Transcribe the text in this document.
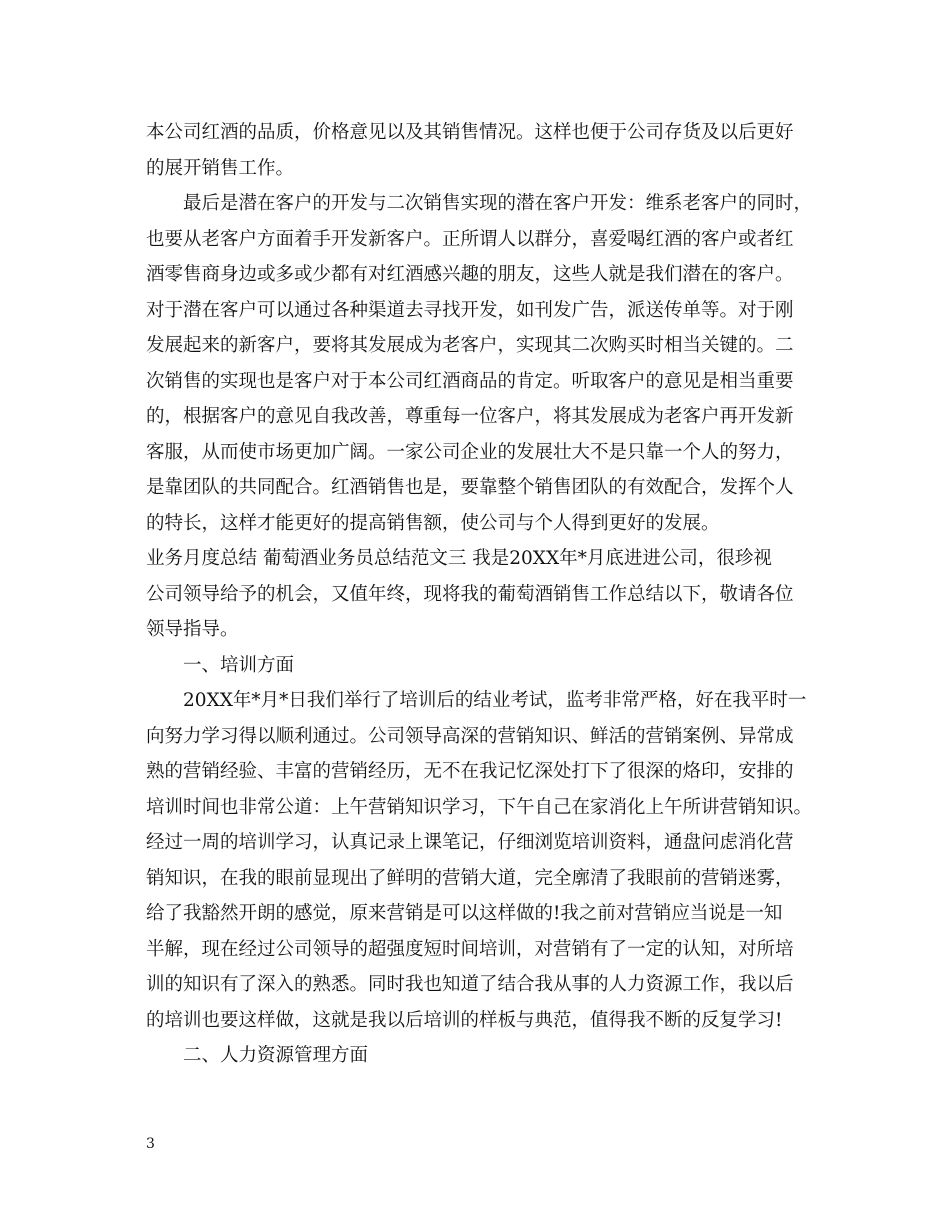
本公司红酒的品质，价格意见以及其销售情况。这样也便于公司存货及以后更好
的展开销售工作。
最后是潜在客户的开发与二次销售实现的潜在客户开发：维系老客户的同时，
也要从老客户方面着手开发新客户。正所谓人以群分，喜爱喝红酒的客户或者红
酒零售商身边或多或少都有对红酒感兴趣的朋友，这些人就是我们潜在的客户。
对于潜在客户可以通过各种渠道去寻找开发，如刊发广告，派送传单等。对于刚
发展起来的新客户，要将其发展成为老客户，实现其二次购买时相当关键的。二
次销售的实现也是客户对于本公司红酒商品的肯定。听取客户的意见是相当重要
的，根据客户的意见自我改善，尊重每一位客户，将其发展成为老客户再开发新
客服，从而使市场更加广阔。一家公司企业的发展壮大不是只靠一个人的努力，
是靠团队的共同配合。红酒销售也是，要靠整个销售团队的有效配合，发挥个人
的特长，这样才能更好的提高销售额，使公司与个人得到更好的发展。
业务月度总结 葡萄酒业务员总结范文三 我是20XX年*月底进进公司，很珍视
公司领导给予的机会，又值年终，现将我的葡萄酒销售工作总结以下，敬请各位
领导指导。
一、培训方面
20XX年*月*日我们举行了培训后的结业考试，监考非常严格，好在我平时一
向努力学习得以顺利通过。公司领导高深的营销知识、鲜活的营销案例、异常成
熟的营销经验、丰富的营销经历，无不在我记忆深处打下了很深的烙印，安排的
培训时间也非常公道：上午营销知识学习，下午自己在家消化上午所讲营销知识。
经过一周的培训学习，认真记录上课笔记，仔细浏览培训资料，通盘问虑消化营
销知识，在我的眼前显现出了鲜明的营销大道，完全廓清了我眼前的营销迷雾，
给了我豁然开朗的感觉，原来营销是可以这样做的!我之前对营销应当说是一知
半解，现在经过公司领导的超强度短时间培训，对营销有了一定的认知，对所培
训的知识有了深入的熟悉。同时我也知道了结合我从事的人力资源工作，我以后
的培训也要这样做，这就是我以后培训的样板与典范，值得我不断的反复学习!
二、人力资源管理方面
3
